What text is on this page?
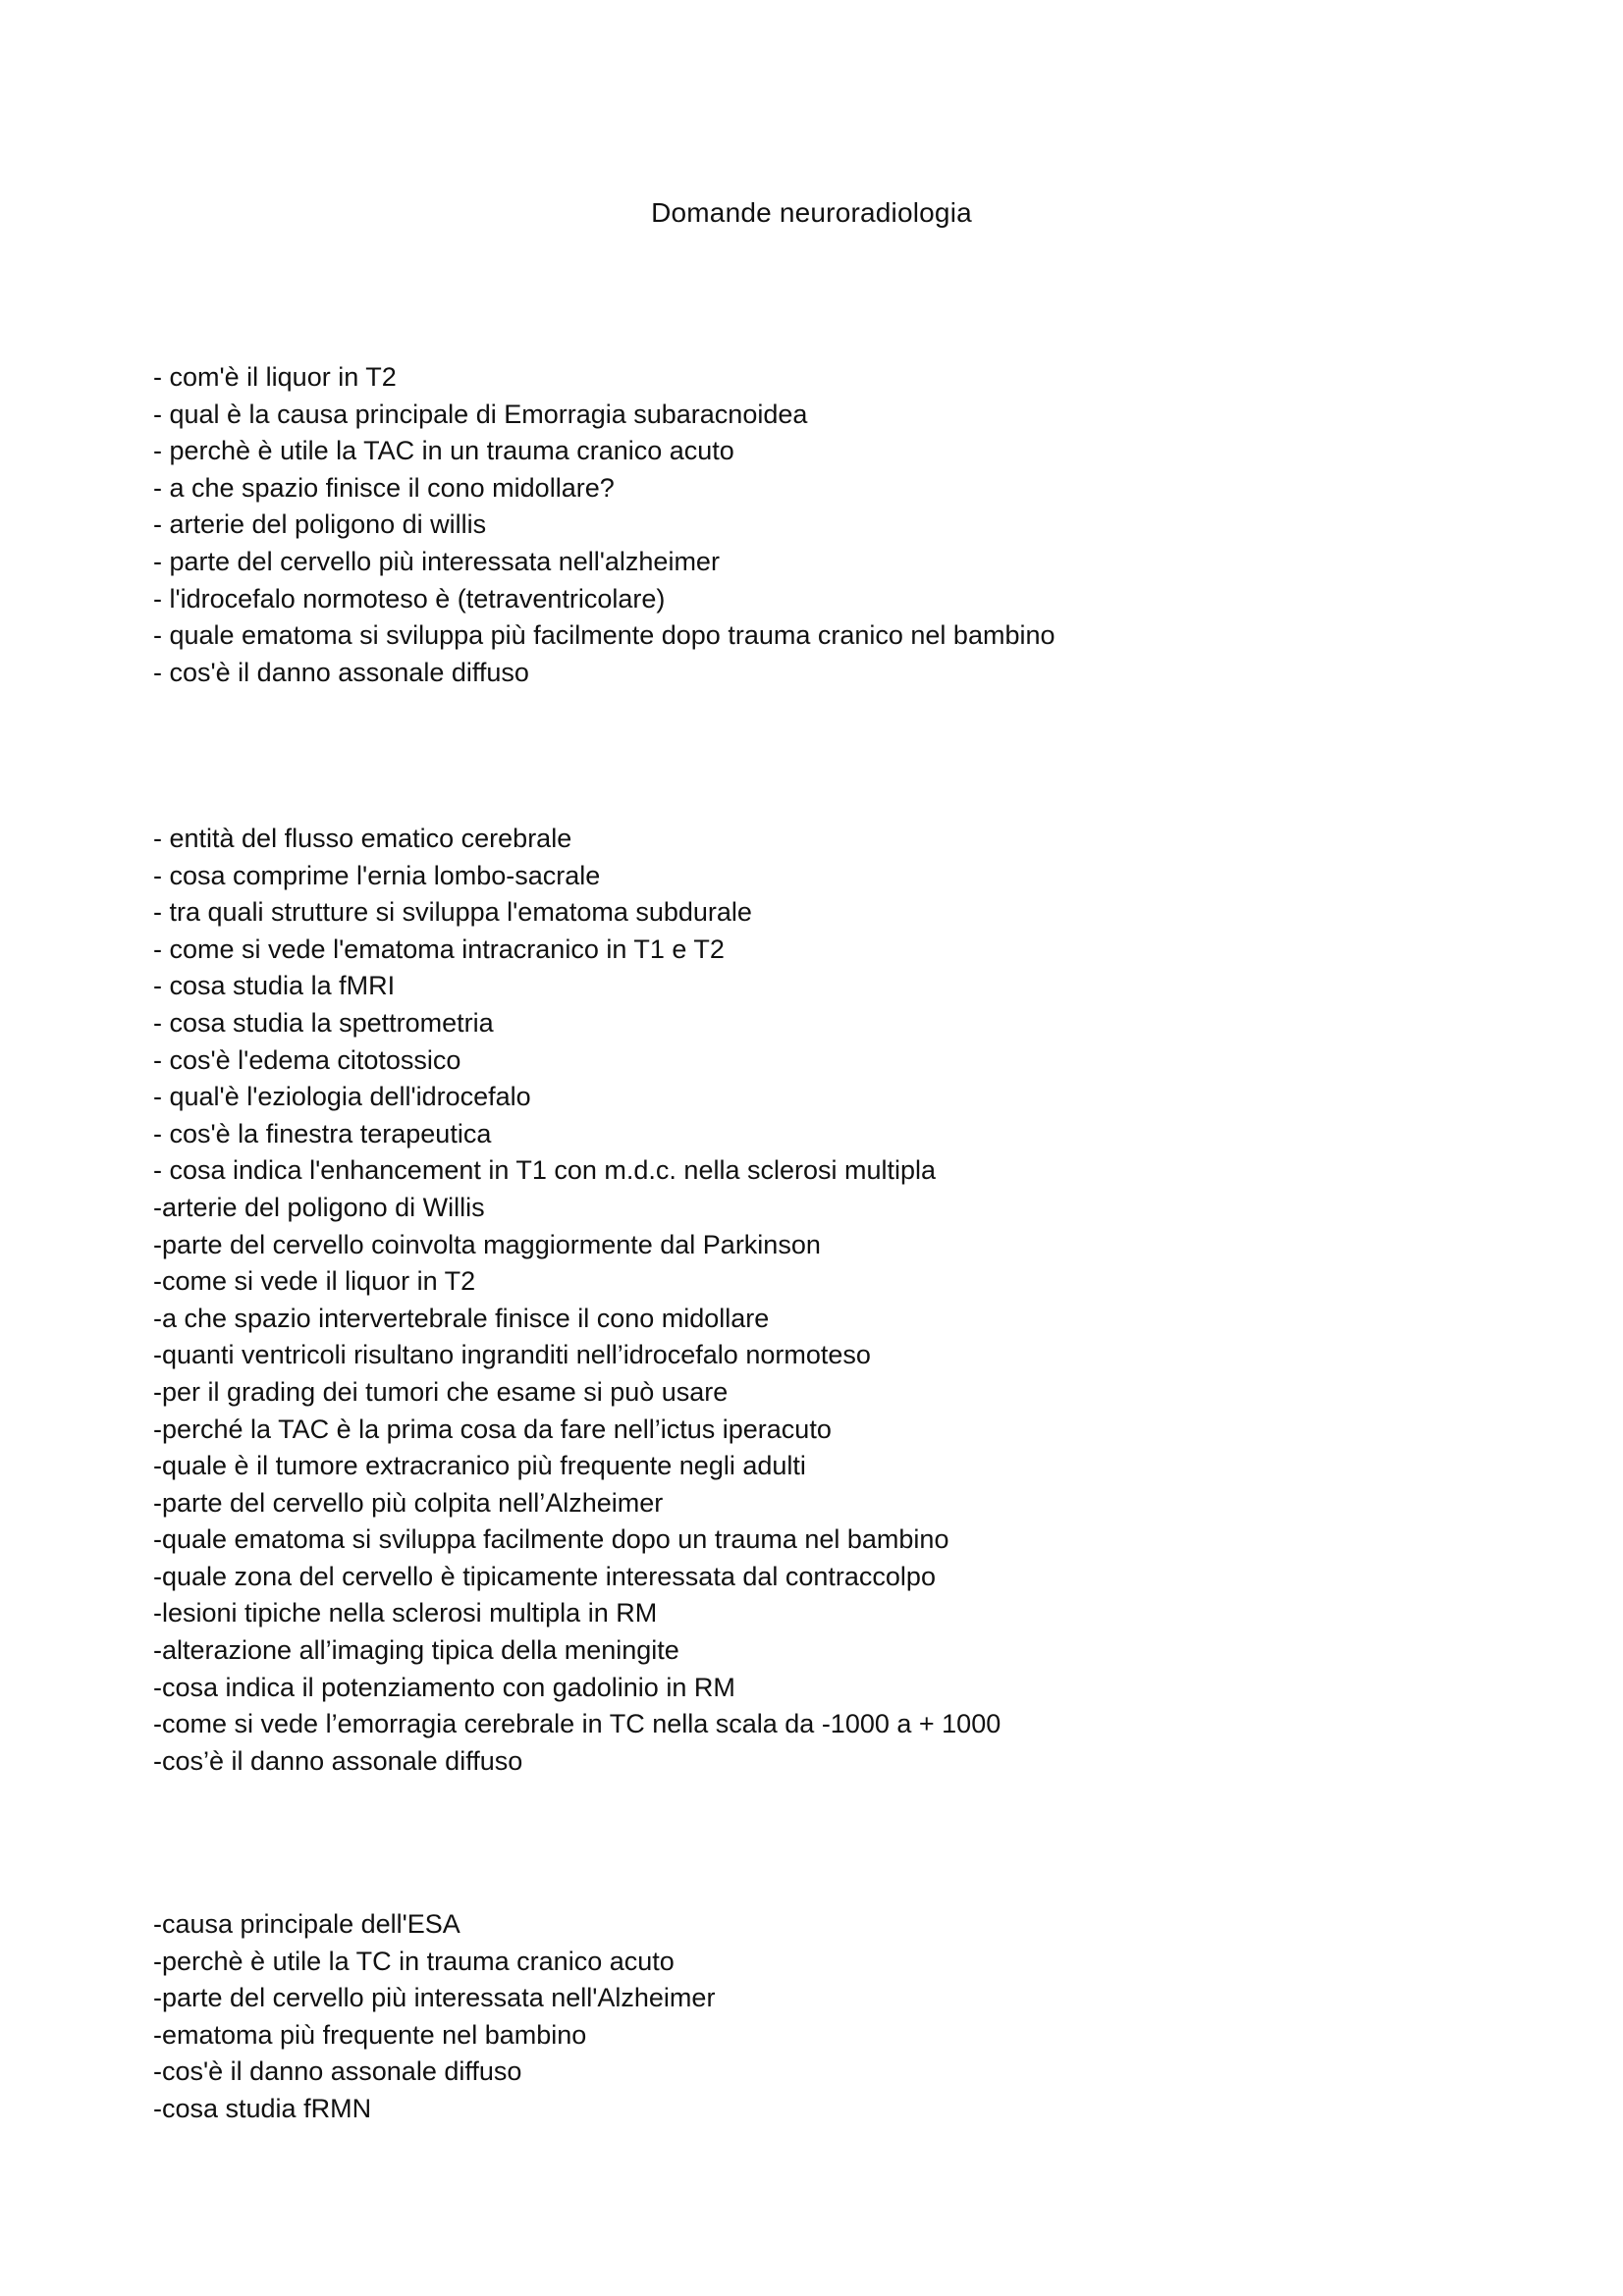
Domande neuroradiologia
- com'è il liquor in T2
- qual è la causa principale di Emorragia subaracnoidea
- perchè è utile la TAC in un trauma cranico acuto
- a che spazio finisce il cono midollare?
- arterie del poligono di willis
- parte del cervello più interessata nell'alzheimer
- l'idrocefalo normoteso è (tetraventricolare)
- quale ematoma si sviluppa più facilmente dopo trauma cranico nel bambino
- cos'è il danno assonale diffuso
- entità del flusso ematico cerebrale
- cosa comprime l'ernia lombo-sacrale
- tra quali strutture si sviluppa l'ematoma subdurale
- come si vede l'ematoma intracranico in T1 e T2
- cosa studia la fMRI
- cosa studia la spettrometria
- cos'è l'edema citotossico
- qual'è l'eziologia dell'idrocefalo
- cos'è la finestra terapeutica
- cosa indica l'enhancement in T1 con m.d.c. nella sclerosi multipla
-arterie del poligono di Willis
-parte del cervello coinvolta maggiormente dal Parkinson
-come si vede il liquor in T2
-a che spazio intervertebrale finisce il cono midollare
-quanti ventricoli risultano ingranditi nell’idrocefalo normoteso
-per il grading dei tumori che esame si può usare
-perché la TAC è la prima cosa da fare nell’ictus iperacuto
-quale è il tumore extracranico più frequente negli adulti
-parte del cervello più colpita nell’Alzheimer
-quale ematoma si sviluppa facilmente dopo un trauma nel bambino
-quale zona del cervello è tipicamente interessata dal contraccolpo
-lesioni tipiche nella sclerosi multipla in RM
-alterazione all’imaging tipica della meningite
-cosa indica il potenziamento con gadolinio in RM
-come si vede l’emorragia cerebrale in TC nella scala da -1000 a + 1000
-cos’è il danno assonale diffuso
-causa principale dell'ESA
-perchè è utile la TC in trauma cranico acuto
-parte del cervello più interessata nell'Alzheimer
-ematoma più frequente nel bambino
-cos'è il danno assonale diffuso
-cosa studia fRMN
